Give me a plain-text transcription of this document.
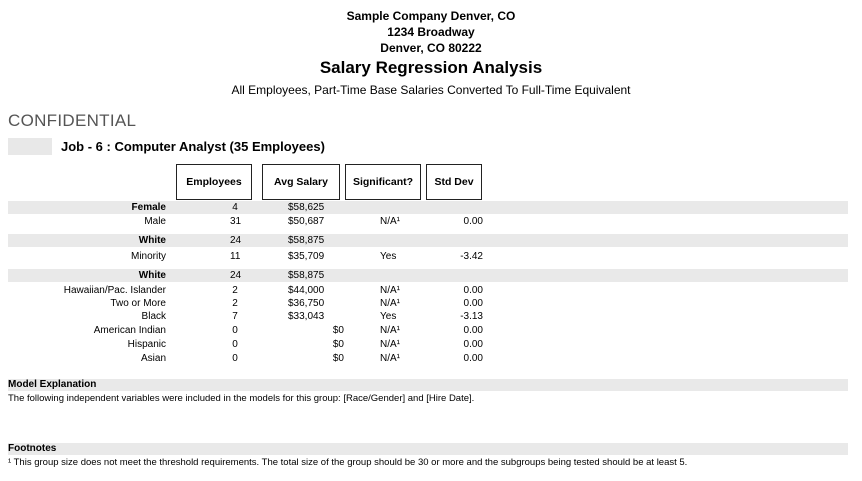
Sample Company Denver, CO
1234 Broadway
Denver, CO 80222
Salary Regression Analysis
All Employees, Part-Time Base Salaries Converted To Full-Time Equivalent
CONFIDENTIAL
Job - 6 : Computer Analyst (35 Employees)
Employees	Avg Salary	Significant?	Std Dev
Female	4	$58,625
Male	31	$50,687	N/A¹	0.00
White	24	$58,875
Minority	11	$35,709	Yes	-3.42
White	24	$58,875
Hawaiian/Pac. Islander	2	$44,000	N/A¹	0.00
Two or More	2	$36,750	N/A¹	0.00
Black	7	$33,043	Yes	-3.13
American Indian	0	$0	N/A¹	0.00
Hispanic	0	$0	N/A¹	0.00
Asian	0	$0	N/A¹	0.00
Model Explanation
The following independent variables were included in the models for this group: [Race/Gender] and [Hire Date].
Footnotes
¹ This group size does not meet the threshold requirements. The total size of the group should be 30 or more and the subgroups being tested should be at least 5.
